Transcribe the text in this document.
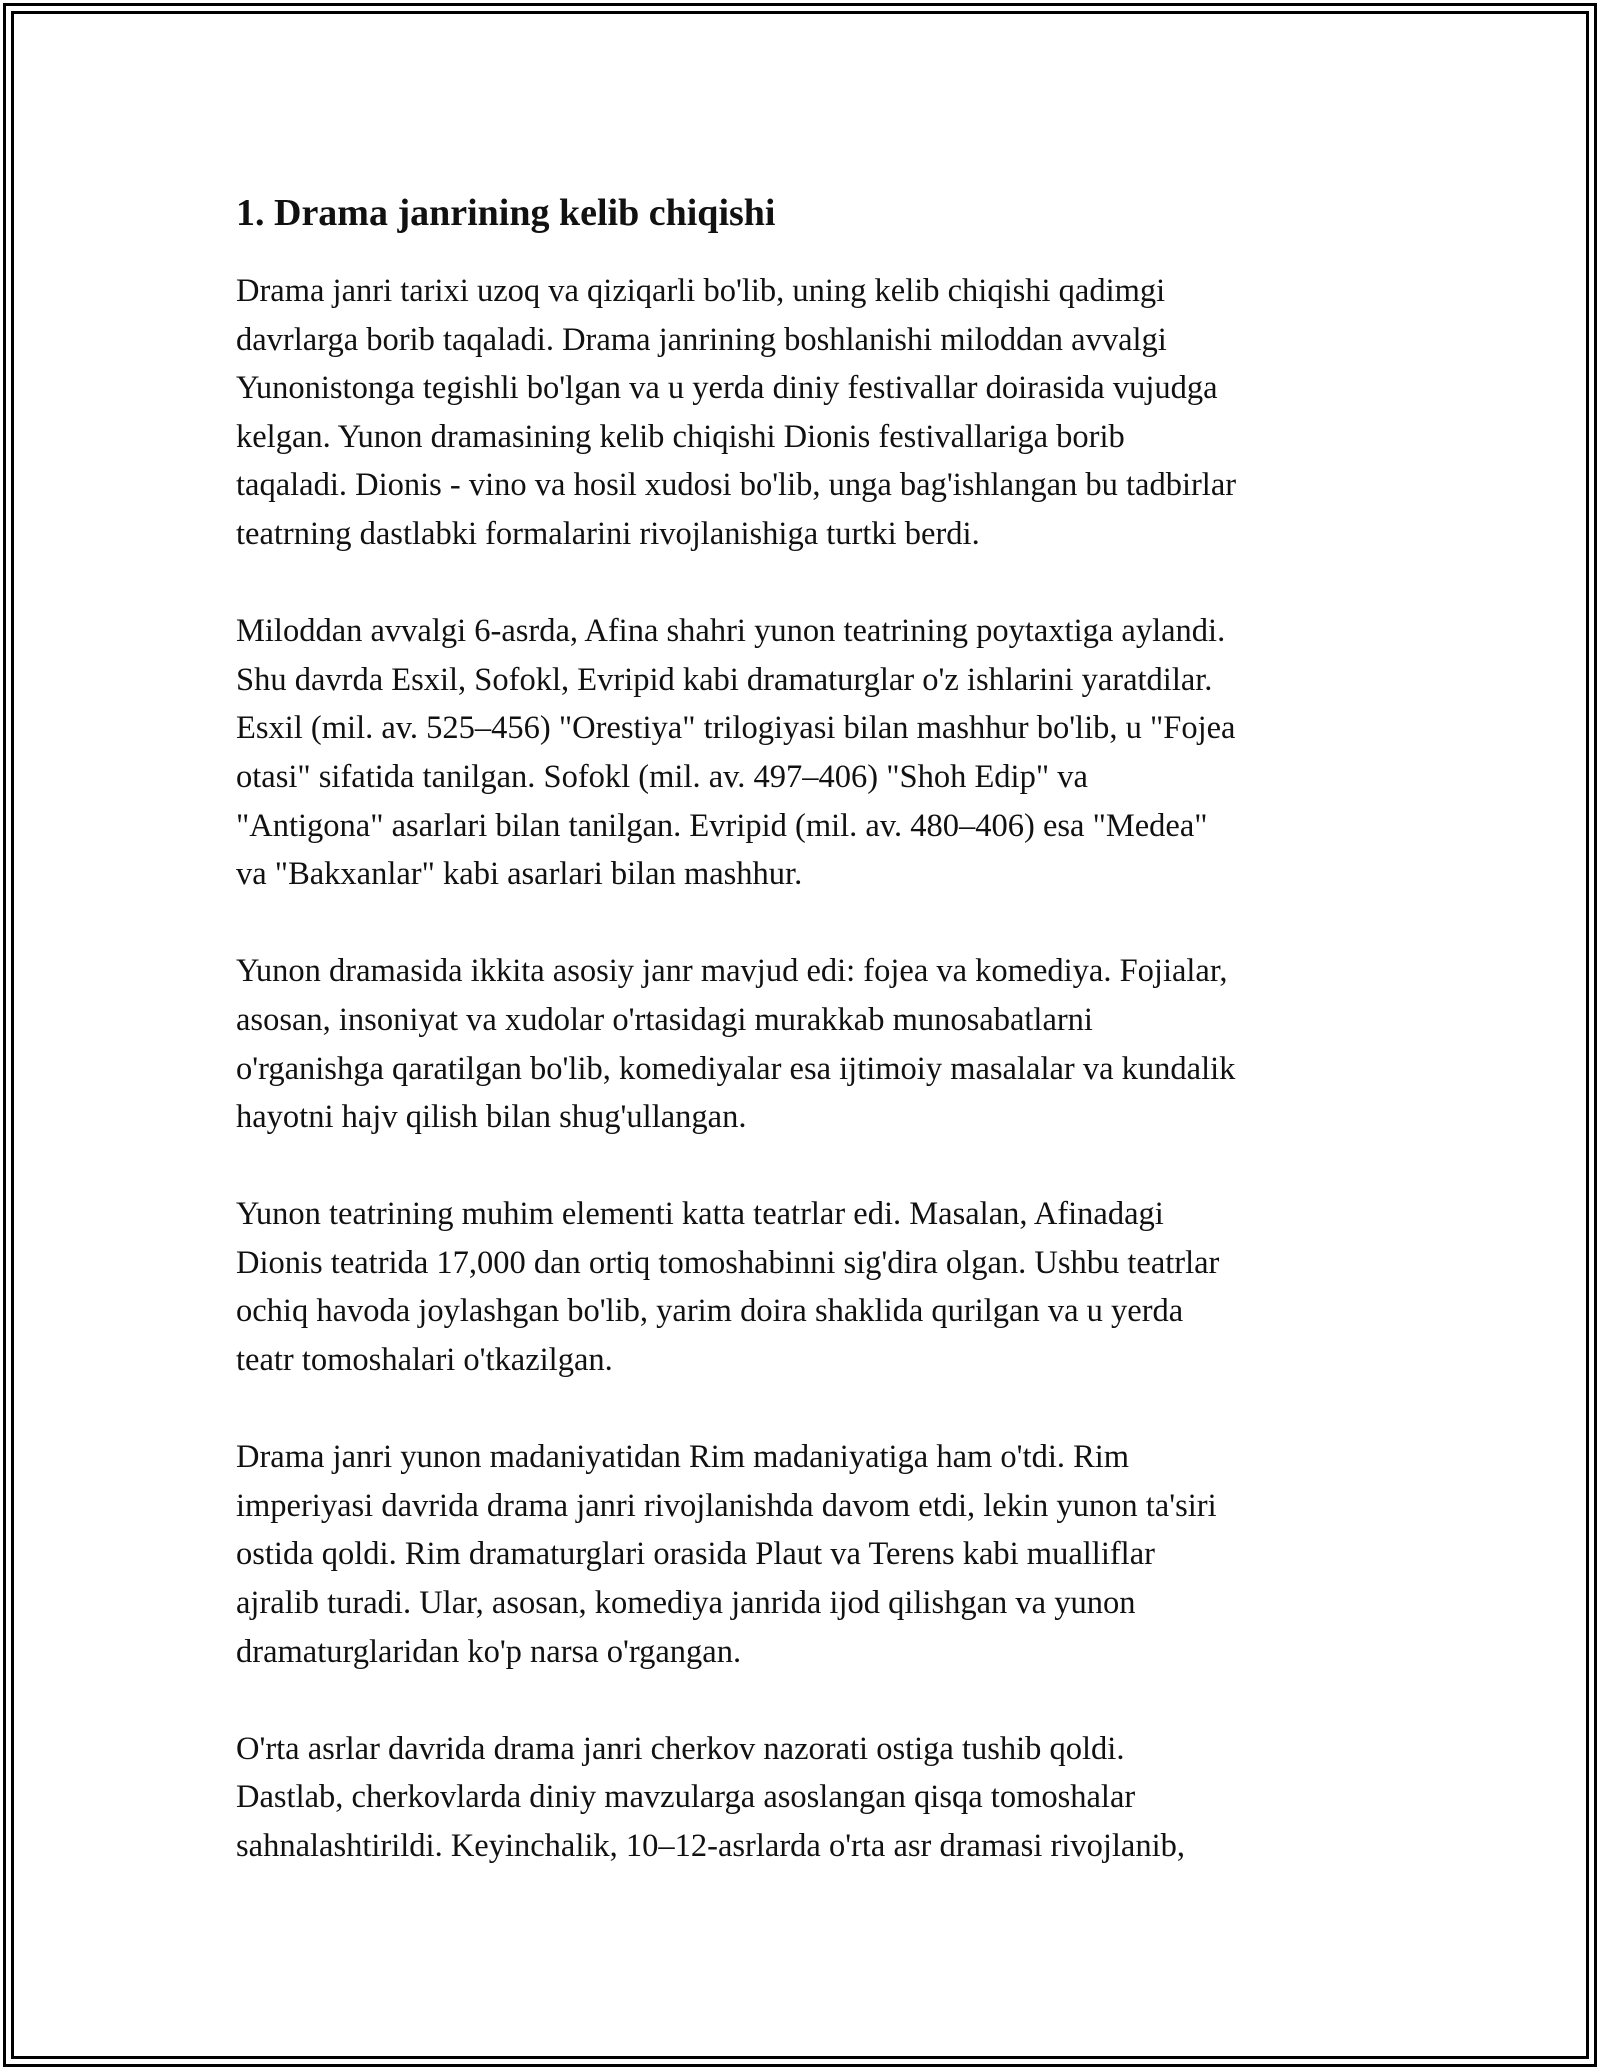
1. Drama janrining kelib chiqishi

Drama janri tarixi uzoq va qiziqarli bo'lib, uning kelib chiqishi qadimgi
davrlarga borib taqaladi. Drama janrining boshlanishi miloddan avvalgi
Yunonistonga tegishli bo'lgan va u yerda diniy festivallar doirasida vujudga
kelgan. Yunon dramasining kelib chiqishi Dionis festivallariga borib
taqaladi. Dionis - vino va hosil xudosi bo'lib, unga bag'ishlangan bu tadbirlar
teatrning dastlabki formalarini rivojlanishiga turtki berdi.

Miloddan avvalgi 6-asrda, Afina shahri yunon teatrining poytaxtiga aylandi.
Shu davrda Esxil, Sofokl, Evripid kabi dramaturglar o'z ishlarini yaratdilar.
Esxil (mil. av. 525–456) "Orestiya" trilogiyasi bilan mashhur bo'lib, u "Fojea
otasi" sifatida tanilgan. Sofokl (mil. av. 497–406) "Shoh Edip" va
"Antigona" asarlari bilan tanilgan. Evripid (mil. av. 480–406) esa "Medea"
va "Bakxanlar" kabi asarlari bilan mashhur.

Yunon dramasida ikkita asosiy janr mavjud edi: fojea va komediya. Fojialar,
asosan, insoniyat va xudolar o'rtasidagi murakkab munosabatlarni
o'rganishga qaratilgan bo'lib, komediyalar esa ijtimoiy masalalar va kundalik
hayotni hajv qilish bilan shug'ullangan.

Yunon teatrining muhim elementi katta teatrlar edi. Masalan, Afinadagi
Dionis teatrida 17,000 dan ortiq tomoshabinni sig'dira olgan. Ushbu teatrlar
ochiq havoda joylashgan bo'lib, yarim doira shaklida qurilgan va u yerda
teatr tomoshalari o'tkazilgan.

Drama janri yunon madaniyatidan Rim madaniyatiga ham o'tdi. Rim
imperiyasi davrida drama janri rivojlanishda davom etdi, lekin yunon ta'siri
ostida qoldi. Rim dramaturglari orasida Plaut va Terens kabi mualliflar
ajralib turadi. Ular, asosan, komediya janrida ijod qilishgan va yunon
dramaturglaridan ko'p narsa o'rgangan.

O'rta asrlar davrida drama janri cherkov nazorati ostiga tushib qoldi.
Dastlab, cherkovlarda diniy mavzularga asoslangan qisqa tomoshalar
sahnalashtirildi. Keyinchalik, 10–12-asrlarda o'rta asr dramasi rivojlanib,
